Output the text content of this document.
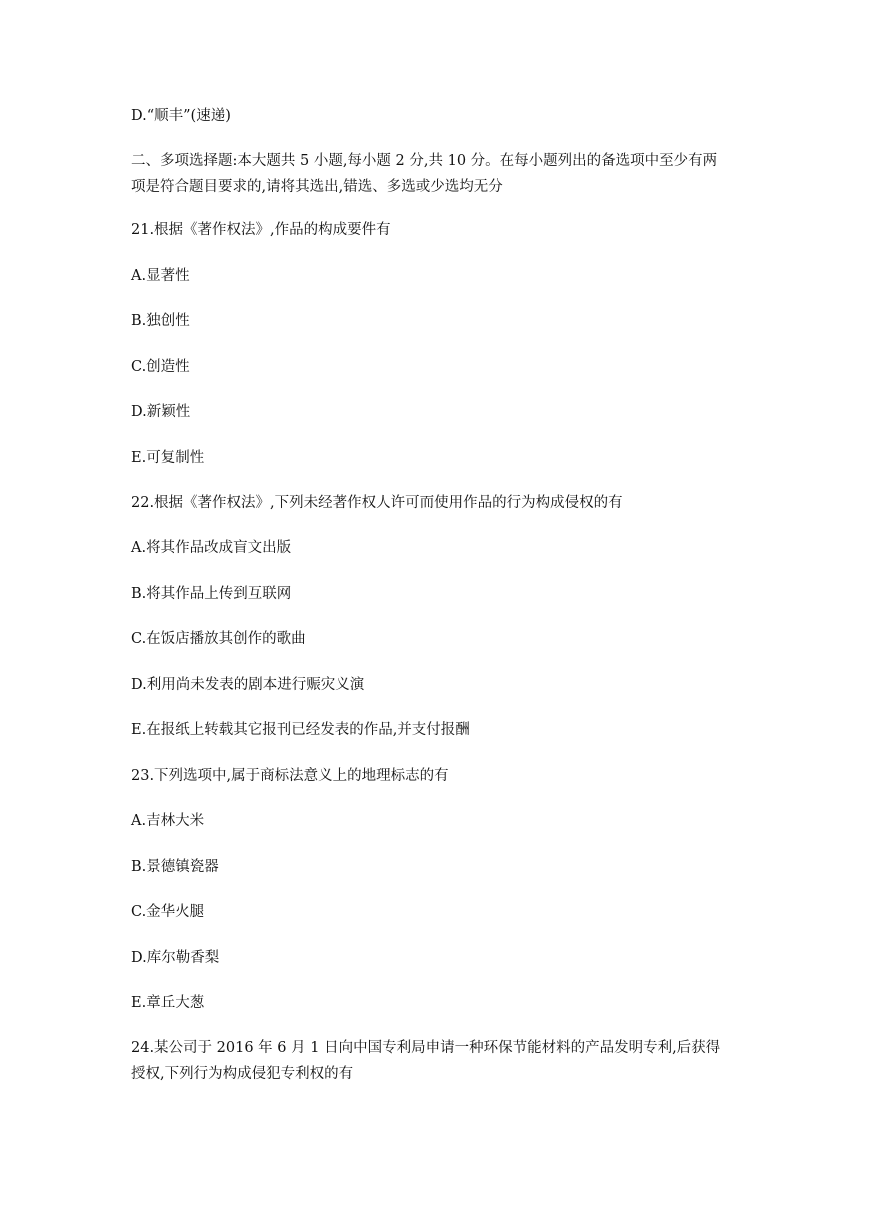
D.“顺丰”(速递)

二、多项选择题:本大题共 5 小题,每小题 2 分,共 10 分。在每小题列出的备选项中至少有两
项是符合题目要求的,请将其选出,错选、多选或少选均无分

21.根据《著作权法》,作品的构成要件有

A.显著性

B.独创性

C.创造性

D.新颖性

E.可复制性

22.根据《著作权法》,下列未经著作权人许可而使用作品的行为构成侵权的有

A.将其作品改成盲文出版

B.将其作品上传到互联网

C.在饭店播放其创作的歌曲

D.利用尚未发表的剧本进行赈灾义演

E.在报纸上转载其它报刊已经发表的作品,并支付报酬

23.下列选项中,属于商标法意义上的地理标志的有

A.吉林大米

B.景德镇瓷器

C.金华火腿

D.库尔勒香梨

E.章丘大葱

24.某公司于 2016 年 6 月 1 日向中国专利局申请一种环保节能材料的产品发明专利,后获得
授权,下列行为构成侵犯专利权的有
